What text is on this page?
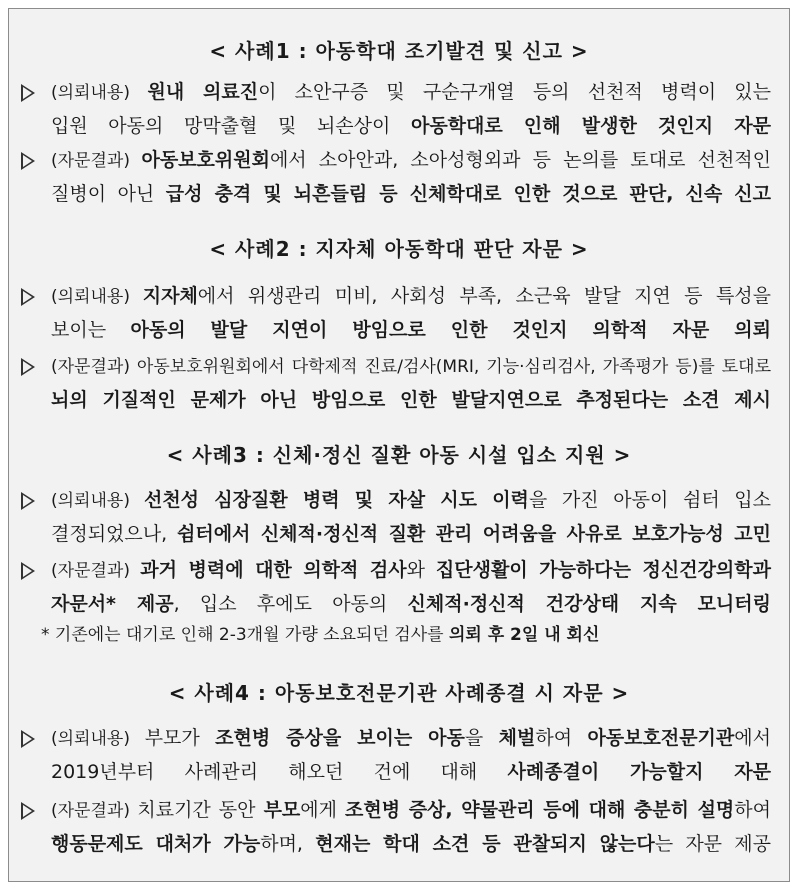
< 사례1 : 아동학대 조기발견 및 신고 >
(의뢰내용) 원내 의료진이 소안구증 및 구순구개열 등의 선천적 병력이 있는
입원 아동의 망막출혈 및 뇌손상이 아동학대로 인해 발생한 것인지 자문
(자문결과) 아동보호위원회에서 소아안과, 소아성형외과 등 논의를 토대로 선천적인
질병이 아닌 급성 충격 및 뇌흔들림 등 신체학대로 인한 것으로 판단, 신속 신고
< 사례2 : 지자체 아동학대 판단 자문 >
(의뢰내용) 지자체에서 위생관리 미비, 사회성 부족, 소근육 발달 지연 등 특성을
보이는 아동의 발달 지연이 방임으로 인한 것인지 의학적 자문 의뢰
(자문결과) 아동보호위원회에서 다학제적 진료/검사(MRI, 기능·심리검사, 가족평가 등)를 토대로
뇌의 기질적인 문제가 아닌 방임으로 인한 발달지연으로 추정된다는 소견 제시
< 사례3 : 신체·정신 질환 아동 시설 입소 지원 >
(의뢰내용) 선천성 심장질환 병력 및 자살 시도 이력을 가진 아동이 쉼터 입소
결정되었으나, 쉼터에서 신체적·정신적 질환 관리 어려움을 사유로 보호가능성 고민
(자문결과) 과거 병력에 대한 의학적 검사와 집단생활이 가능하다는 정신건강의학과
자문서* 제공, 입소 후에도 아동의 신체적·정신적 건강상태 지속 모니터링
* 기존에는 대기로 인해 2-3개월 가량 소요되던 검사를 의뢰 후 2일 내 회신
< 사례4 : 아동보호전문기관 사례종결 시 자문 >
(의뢰내용) 부모가 조현병 증상을 보이는 아동을 체벌하여 아동보호전문기관에서
2019년부터 사례관리 해오던 건에 대해 사례종결이 가능할지 자문
(자문결과) 치료기간 동안 부모에게 조현병 증상, 약물관리 등에 대해 충분히 설명하여
행동문제도 대처가 가능하며, 현재는 학대 소견 등 관찰되지 않는다는 자문 제공
